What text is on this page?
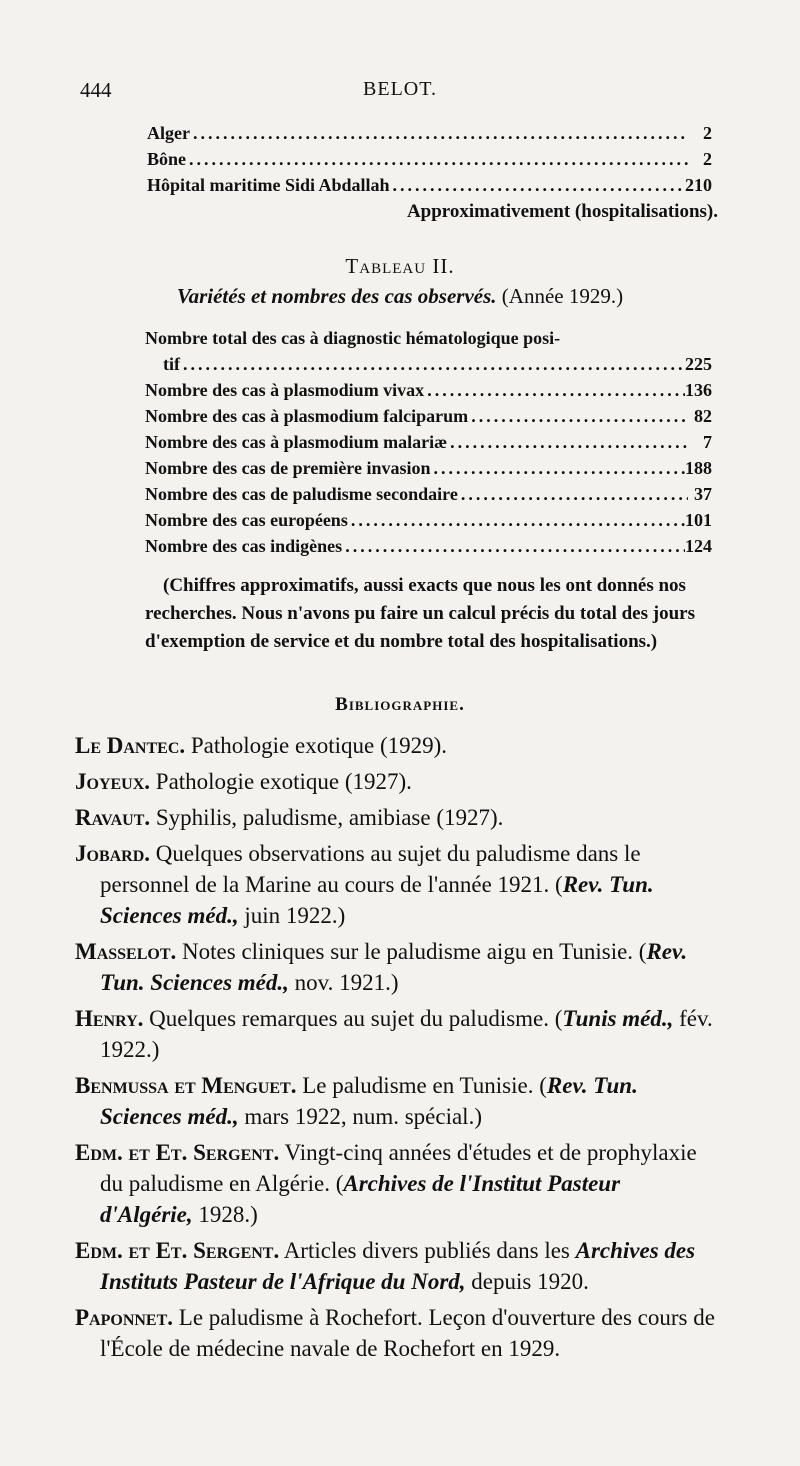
444	BELOT.
Alger .....	2
Bône .....	2
Hôpital maritime Sidi Abdallah .....	210
Approximativement (hospitalisations).
Tableau II.
Variétés et nombres des cas observés. (Année 1929.)
Nombre total des cas à diagnostic hématologique posi-
tif .....	225
Nombre des cas à plasmodium vivax .....	136
Nombre des cas à plasmodium falciparum .....	82
Nombre des cas à plasmodium malariæ .....	7
Nombre des cas de première invasion .....	188
Nombre des cas de paludisme secondaire .....	37
Nombre des cas européens .....	101
Nombre des cas indigènes .....	124
(Chiffres approximatifs, aussi exacts que nous les ont donnés nos recherches. Nous n'avons pu faire un calcul précis du total des jours d'exemption de service et du nombre total des hospitalisations.)
Bibliographie.
Le Dantec. Pathologie exotique (1929).
Joyeux. Pathologie exotique (1927).
Ravaut. Syphilis, paludisme, amibiase (1927).
Jobard. Quelques observations au sujet du paludisme dans le personnel de la Marine au cours de l'année 1921. (Rev. Tun. Sciences méd., juin 1922.)
Masselot. Notes cliniques sur le paludisme aigu en Tunisie. (Rev. Tun. Sciences méd., nov. 1921.)
Henry. Quelques remarques au sujet du paludisme. (Tunis méd., fév. 1922.)
Benmussa et Menguet. Le paludisme en Tunisie. (Rev. Tun. Sciences méd., mars 1922, num. spécial.)
Edm. et Et. Sergent. Vingt-cinq années d'études et de prophylaxie du paludisme en Algérie. (Archives de l'Institut Pasteur d'Algérie, 1928.)
Edm. et Et. Sergent. Articles divers publiés dans les Archives des Instituts Pasteur de l'Afrique du Nord, depuis 1920.
Paponnet. Le paludisme à Rochefort. Leçon d'ouverture des cours de l'École de médecine navale de Rochefort en 1929.
